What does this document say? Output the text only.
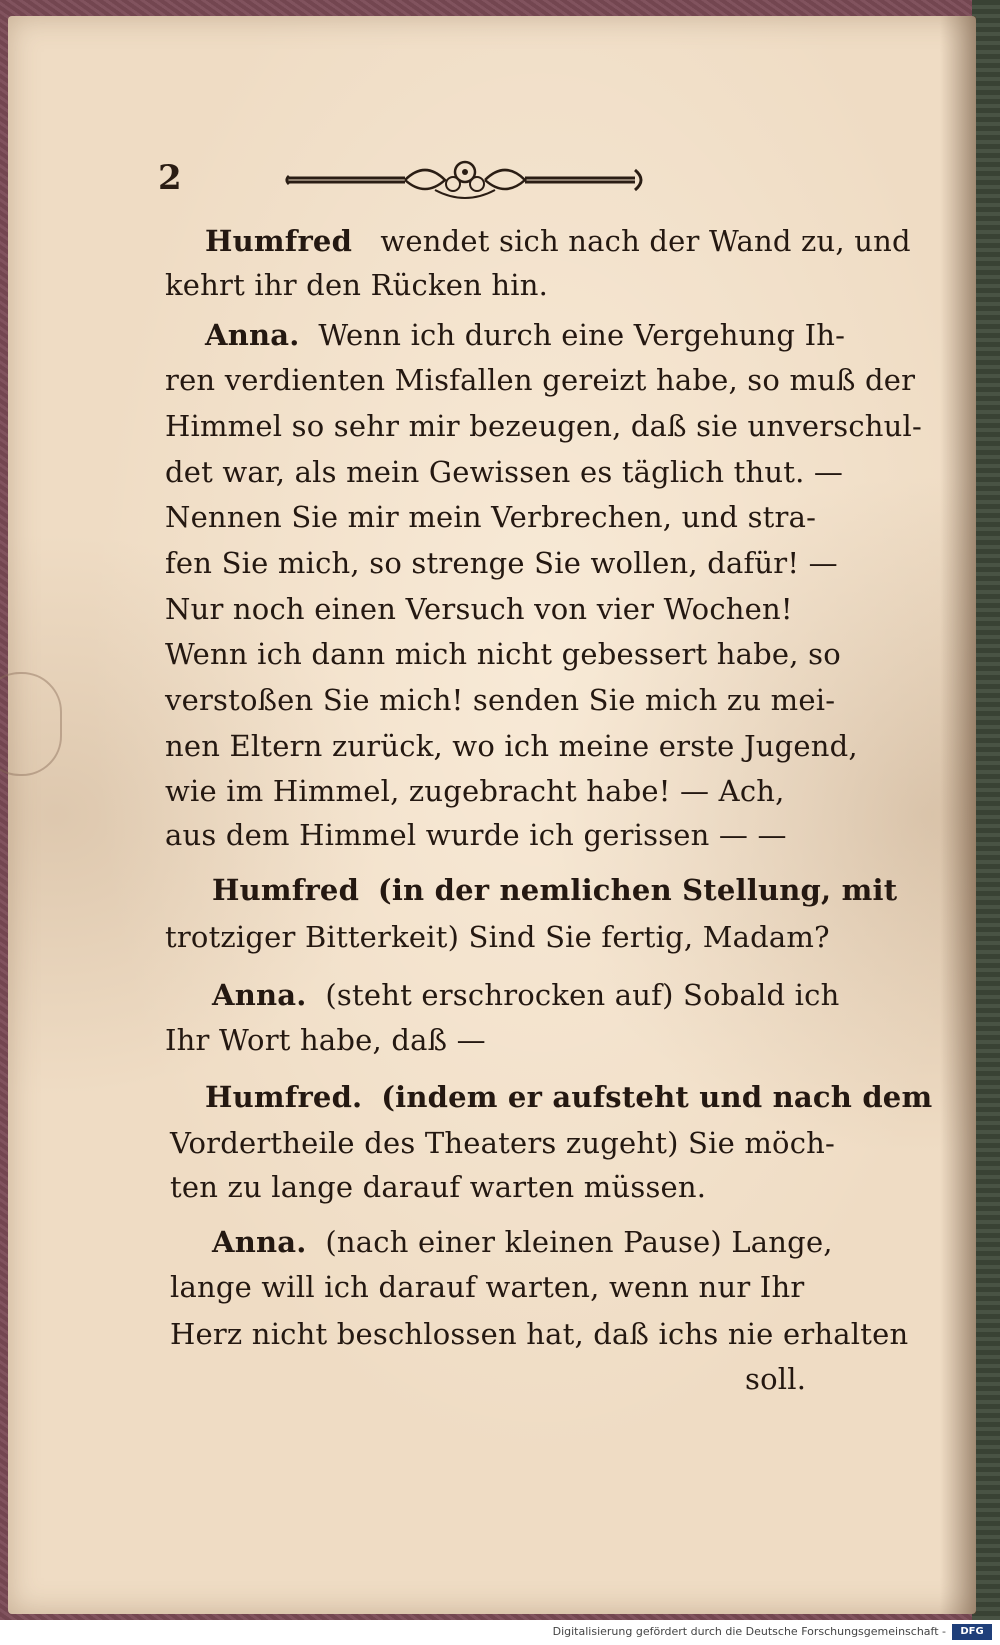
2
Humfred wendet sich nach der Wand zu, und
kehrt ihr den Rücken hin.
Anna. Wenn ich durch eine Vergehung Ih-
ren verdienten Misfallen gereizt habe, so muß der
Himmel so sehr mir bezeugen, daß sie unverschul-
det war, als mein Gewissen es täglich thut. —
Nennen Sie mir mein Verbrechen, und stra-
fen Sie mich, so strenge Sie wollen, dafür! —
Nur noch einen Versuch von vier Wochen!
Wenn ich dann mich nicht gebessert habe, so
verstoßen Sie mich! senden Sie mich zu mei-
nen Eltern zurück, wo ich meine erste Jugend,
wie im Himmel, zugebracht habe! — Ach,
aus dem Himmel wurde ich gerissen — —
Humfred (in der nemlichen Stellung, mit
trotziger Bitterkeit) Sind Sie fertig, Madam?
Anna. (steht erschrocken auf) Sobald ich
Ihr Wort habe, daß —
Humfred. (indem er aufsteht und nach dem
Vordertheile des Theaters zugeht) Sie möch-
ten zu lange darauf warten müssen.
Anna. (nach einer kleinen Pause) Lange,
lange will ich darauf warten, wenn nur Ihr
Herz nicht beschlossen hat, daß ichs nie erhalten
soll.
Digitalisierung gefördert durch die Deutsche Forschungsgemeinschaft -	DFG
